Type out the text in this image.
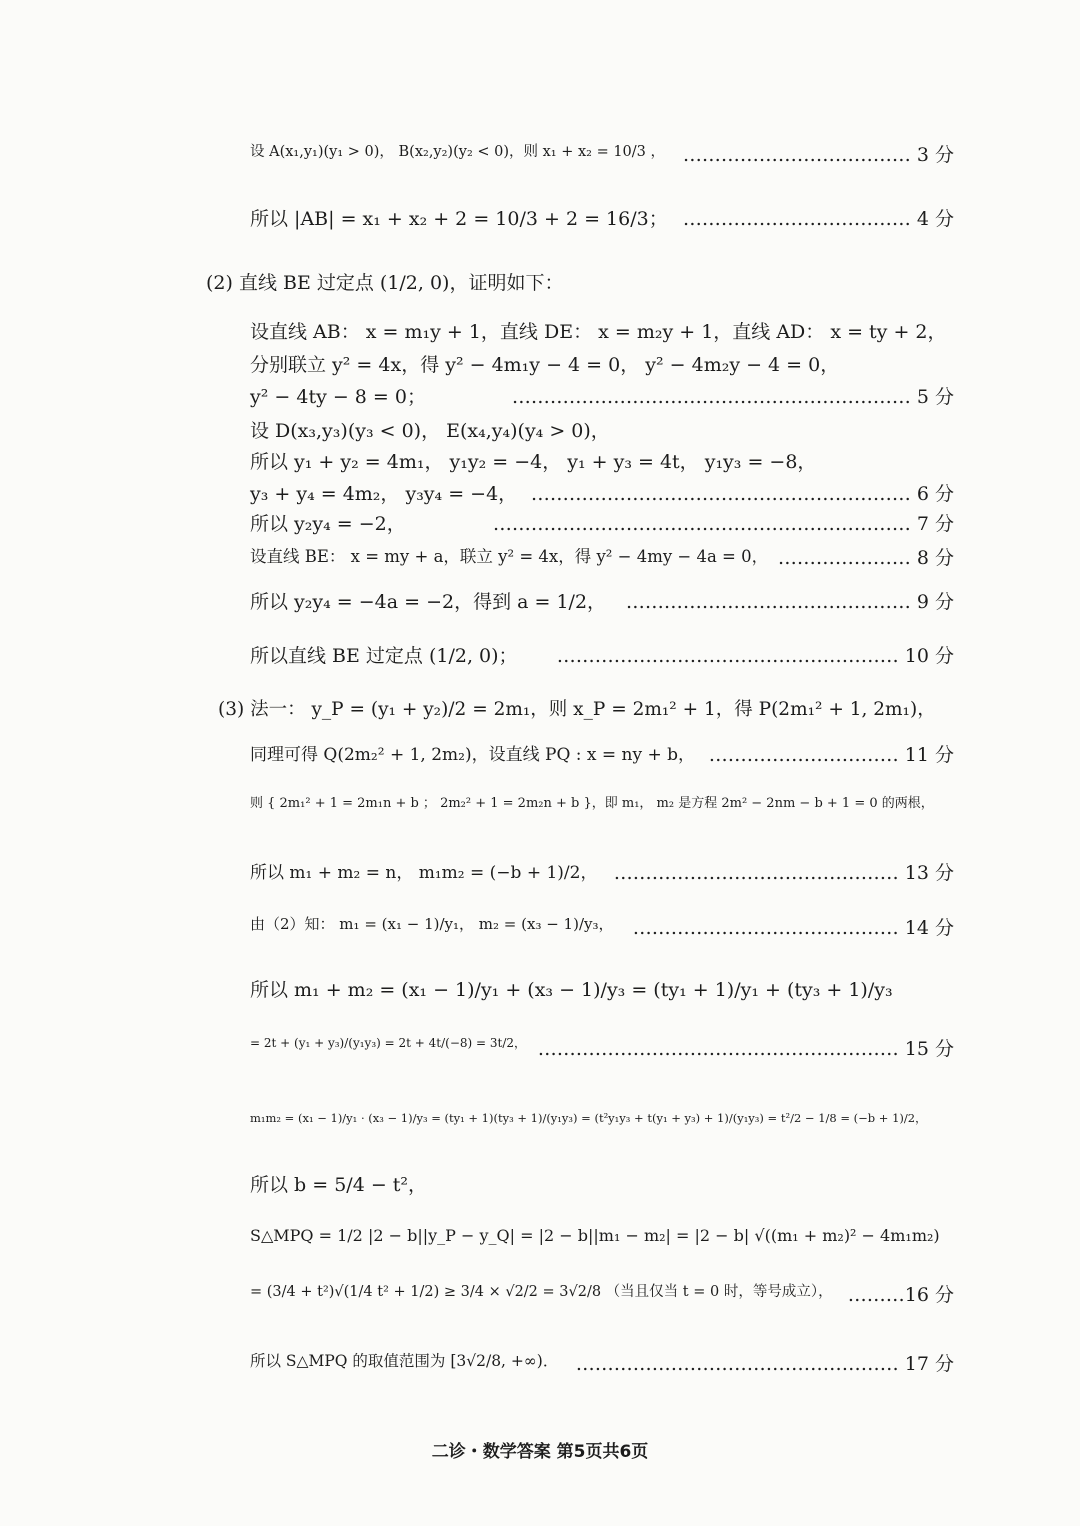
设 A(x₁,y₁)(y₁ > 0)， B(x₂,y₂)(y₂ < 0)，则 x₁ + x₂ = 10/3 ， ……………………………… 3 分
所以 |AB| = x₁ + x₂ + 2 = 10/3 + 2 = 16/3； ……………………………… 4 分
(2) 直线 BE 过定点 (1/2, 0)，证明如下：
设直线 AB： x = m₁y + 1，直线 DE： x = m₂y + 1，直线 AD： x = ty + 2，
分别联立 y² = 4x，得 y² − 4m₁y − 4 = 0， y² − 4m₂y − 4 = 0，
y² − 4ty − 8 = 0；	……………………………………………………… 5 分
设 D(x₃,y₃)(y₃ < 0)， E(x₄,y₄)(y₄ > 0)，
所以 y₁ + y₂ = 4m₁， y₁y₂ = −4， y₁ + y₃ = 4t， y₁y₃ = −8，
y₃ + y₄ = 4m₂， y₃y₄ = −4， …………………………………………………… 6 分
所以 y₂y₄ = −2，	………………………………………………………… 7 分
设直线 BE： x = my + a，联立 y² = 4x，得 y² − 4my − 4a = 0， ………………… 8 分
所以 y₂y₄ = −4a = −2，得到 a = 1/2， ……………………………………… 9 分
所以直线 BE 过定点 (1/2, 0)； ……………………………………………… 10 分
(3) 法一： y_P = (y₁ + y₂)/2 = 2m₁，则 x_P = 2m₁² + 1，得 P(2m₁² + 1, 2m₁)，
同理可得 Q(2m₂² + 1, 2m₂)，设直线 PQ : x = ny + b， ………………………… 11 分
则 { 2m₁² + 1 = 2m₁n + b ； 2m₂² + 1 = 2m₂n + b }，即 m₁， m₂ 是方程 2m² − 2nm − b + 1 = 0 的两根，
所以 m₁ + m₂ = n， m₁m₂ = (−b + 1)/2， ……………………………………… 13 分
由（2）知： m₁ = (x₁ − 1)/y₁， m₂ = (x₃ − 1)/y₃， …………………………………… 14 分
所以 m₁ + m₂ = (x₁ − 1)/y₁ + (x₃ − 1)/y₃ = (ty₁ + 1)/y₁ + (ty₃ + 1)/y₃
= 2t + (y₁ + y₃)/(y₁y₃) = 2t + 4t/(−8) = 3t/2， ………………………………………………… 15 分
m₁m₂ = (x₁ − 1)/y₁ · (x₃ − 1)/y₃ = (ty₁ + 1)(ty₃ + 1)/(y₁y₃) = (t²y₁y₃ + t(y₁ + y₃) + 1)/(y₁y₃) = t²/2 − 1/8 = (−b + 1)/2，
所以 b = 5/4 − t²，
S△MPQ = 1/2 |2 − b||y_P − y_Q| = |2 − b||m₁ − m₂| = |2 − b| √((m₁ + m₂)² − 4m₁m₂)
= (3/4 + t²)√(1/4 t² + 1/2) ≥ 3/4 × √2/2 = 3√2/8 （当且仅当 t = 0 时，等号成立）， ………16 分
所以 S△MPQ 的取值范围为 [3√2/8, +∞)． …………………………………………… 17 分
二诊・数学答案 第5页共6页
